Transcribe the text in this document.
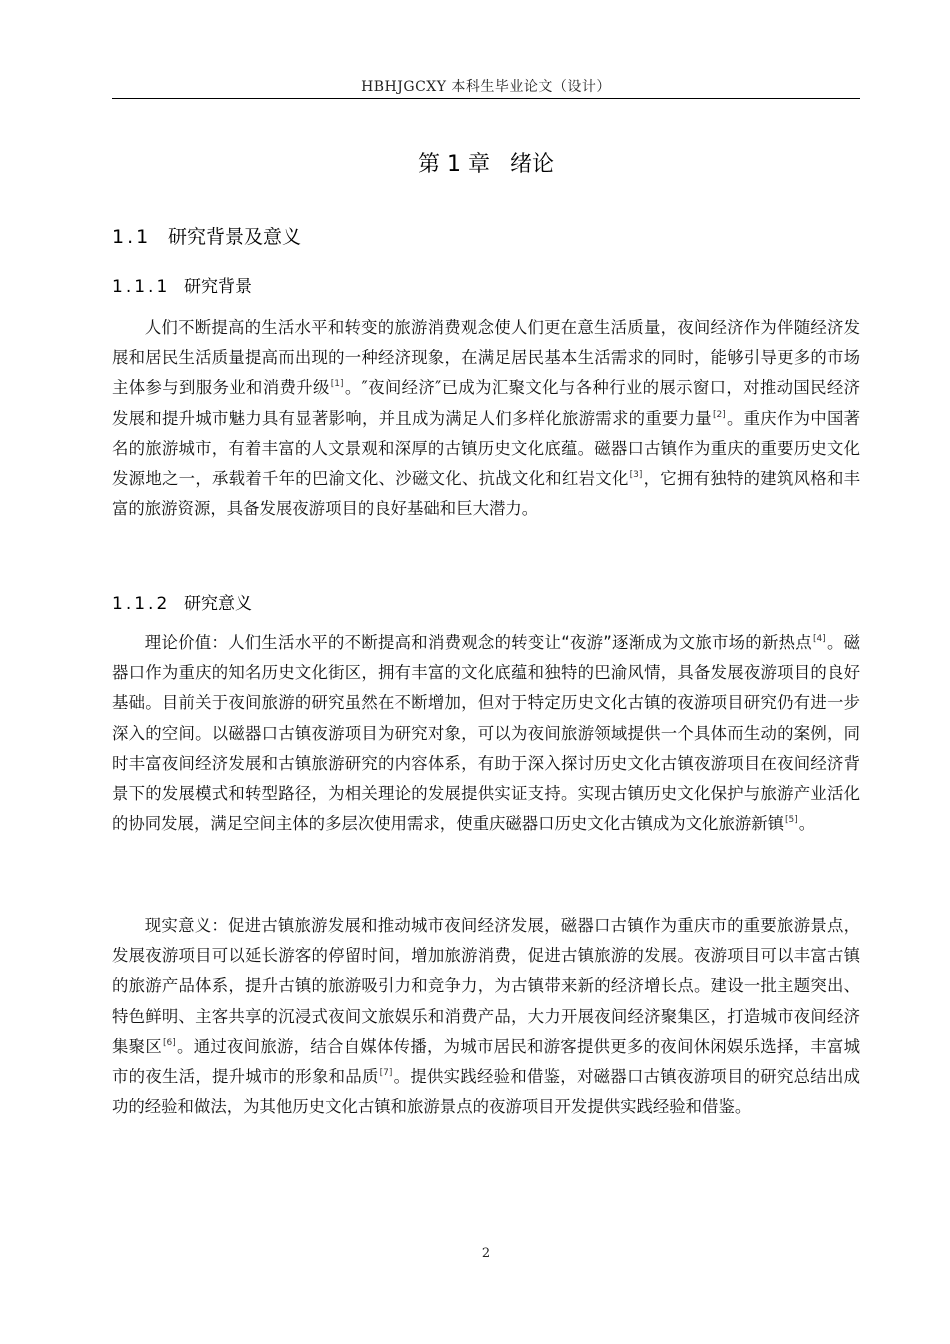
HBHJGCXY 本科生毕业论文（设计）
第 1 章 绪论
1.1 研究背景及意义
1.1.1 研究背景

人们不断提高的生活水平和转变的旅游消费观念使人们更在意生活质量，夜间经济作为伴随经济发展和居民生活质量提高而出现的一种经济现象，在满足居民基本生活需求的同时，能够引导更多的市场主体参与到服务业和消费升级[1]。″夜间经济″已成为汇聚文化与各种行业的展示窗口，对推动国民经济发展和提升城市魅力具有显著影响，并且成为满足人们多样化旅游需求的重要力量[2]。重庆作为中国著名的旅游城市，有着丰富的人文景观和深厚的古镇历史文化底蕴。磁器口古镇作为重庆的重要历史文化发源地之一，承载着千年的巴渝文化、沙磁文化、抗战文化和红岩文化[3]，它拥有独特的建筑风格和丰富的旅游资源，具备发展夜游项目的良好基础和巨大潜力。

1.1.2 研究意义

理论价值：人们生活水平的不断提高和消费观念的转变让“夜游”逐渐成为文旅市场的新热点[4]。磁器口作为重庆的知名历史文化街区，拥有丰富的文化底蕴和独特的巴渝风情，具备发展夜游项目的良好基础。目前关于夜间旅游的研究虽然在不断增加，但对于特定历史文化古镇的夜游项目研究仍有进一步深入的空间。以磁器口古镇夜游项目为研究对象，可以为夜间旅游领域提供一个具体而生动的案例，同时丰富夜间经济发展和古镇旅游研究的内容体系，有助于深入探讨历史文化古镇夜游项目在夜间经济背景下的发展模式和转型路径，为相关理论的发展提供实证支持。实现古镇历史文化保护与旅游产业活化的协同发展，满足空间主体的多层次使用需求，使重庆磁器口历史文化古镇成为文化旅游新镇[5]。

现实意义：促进古镇旅游发展和推动城市夜间经济发展，磁器口古镇作为重庆市的重要旅游景点，发展夜游项目可以延长游客的停留时间，增加旅游消费，促进古镇旅游的发展。夜游项目可以丰富古镇的旅游产品体系，提升古镇的旅游吸引力和竞争力，为古镇带来新的经济增长点。建设一批主题突出、特色鲜明、主客共享的沉浸式夜间文旅娱乐和消费产品，大力开展夜间经济聚集区，打造城市夜间经济集聚区[6]。通过夜间旅游，结合自媒体传播，为城市居民和游客提供更多的夜间休闲娱乐选择，丰富城市的夜生活，提升城市的形象和品质[7]。提供实践经验和借鉴，对磁器口古镇夜游项目的研究总结出成功的经验和做法，为其他历史文化古镇和旅游景点的夜游项目开发提供实践经验和借鉴。

2
